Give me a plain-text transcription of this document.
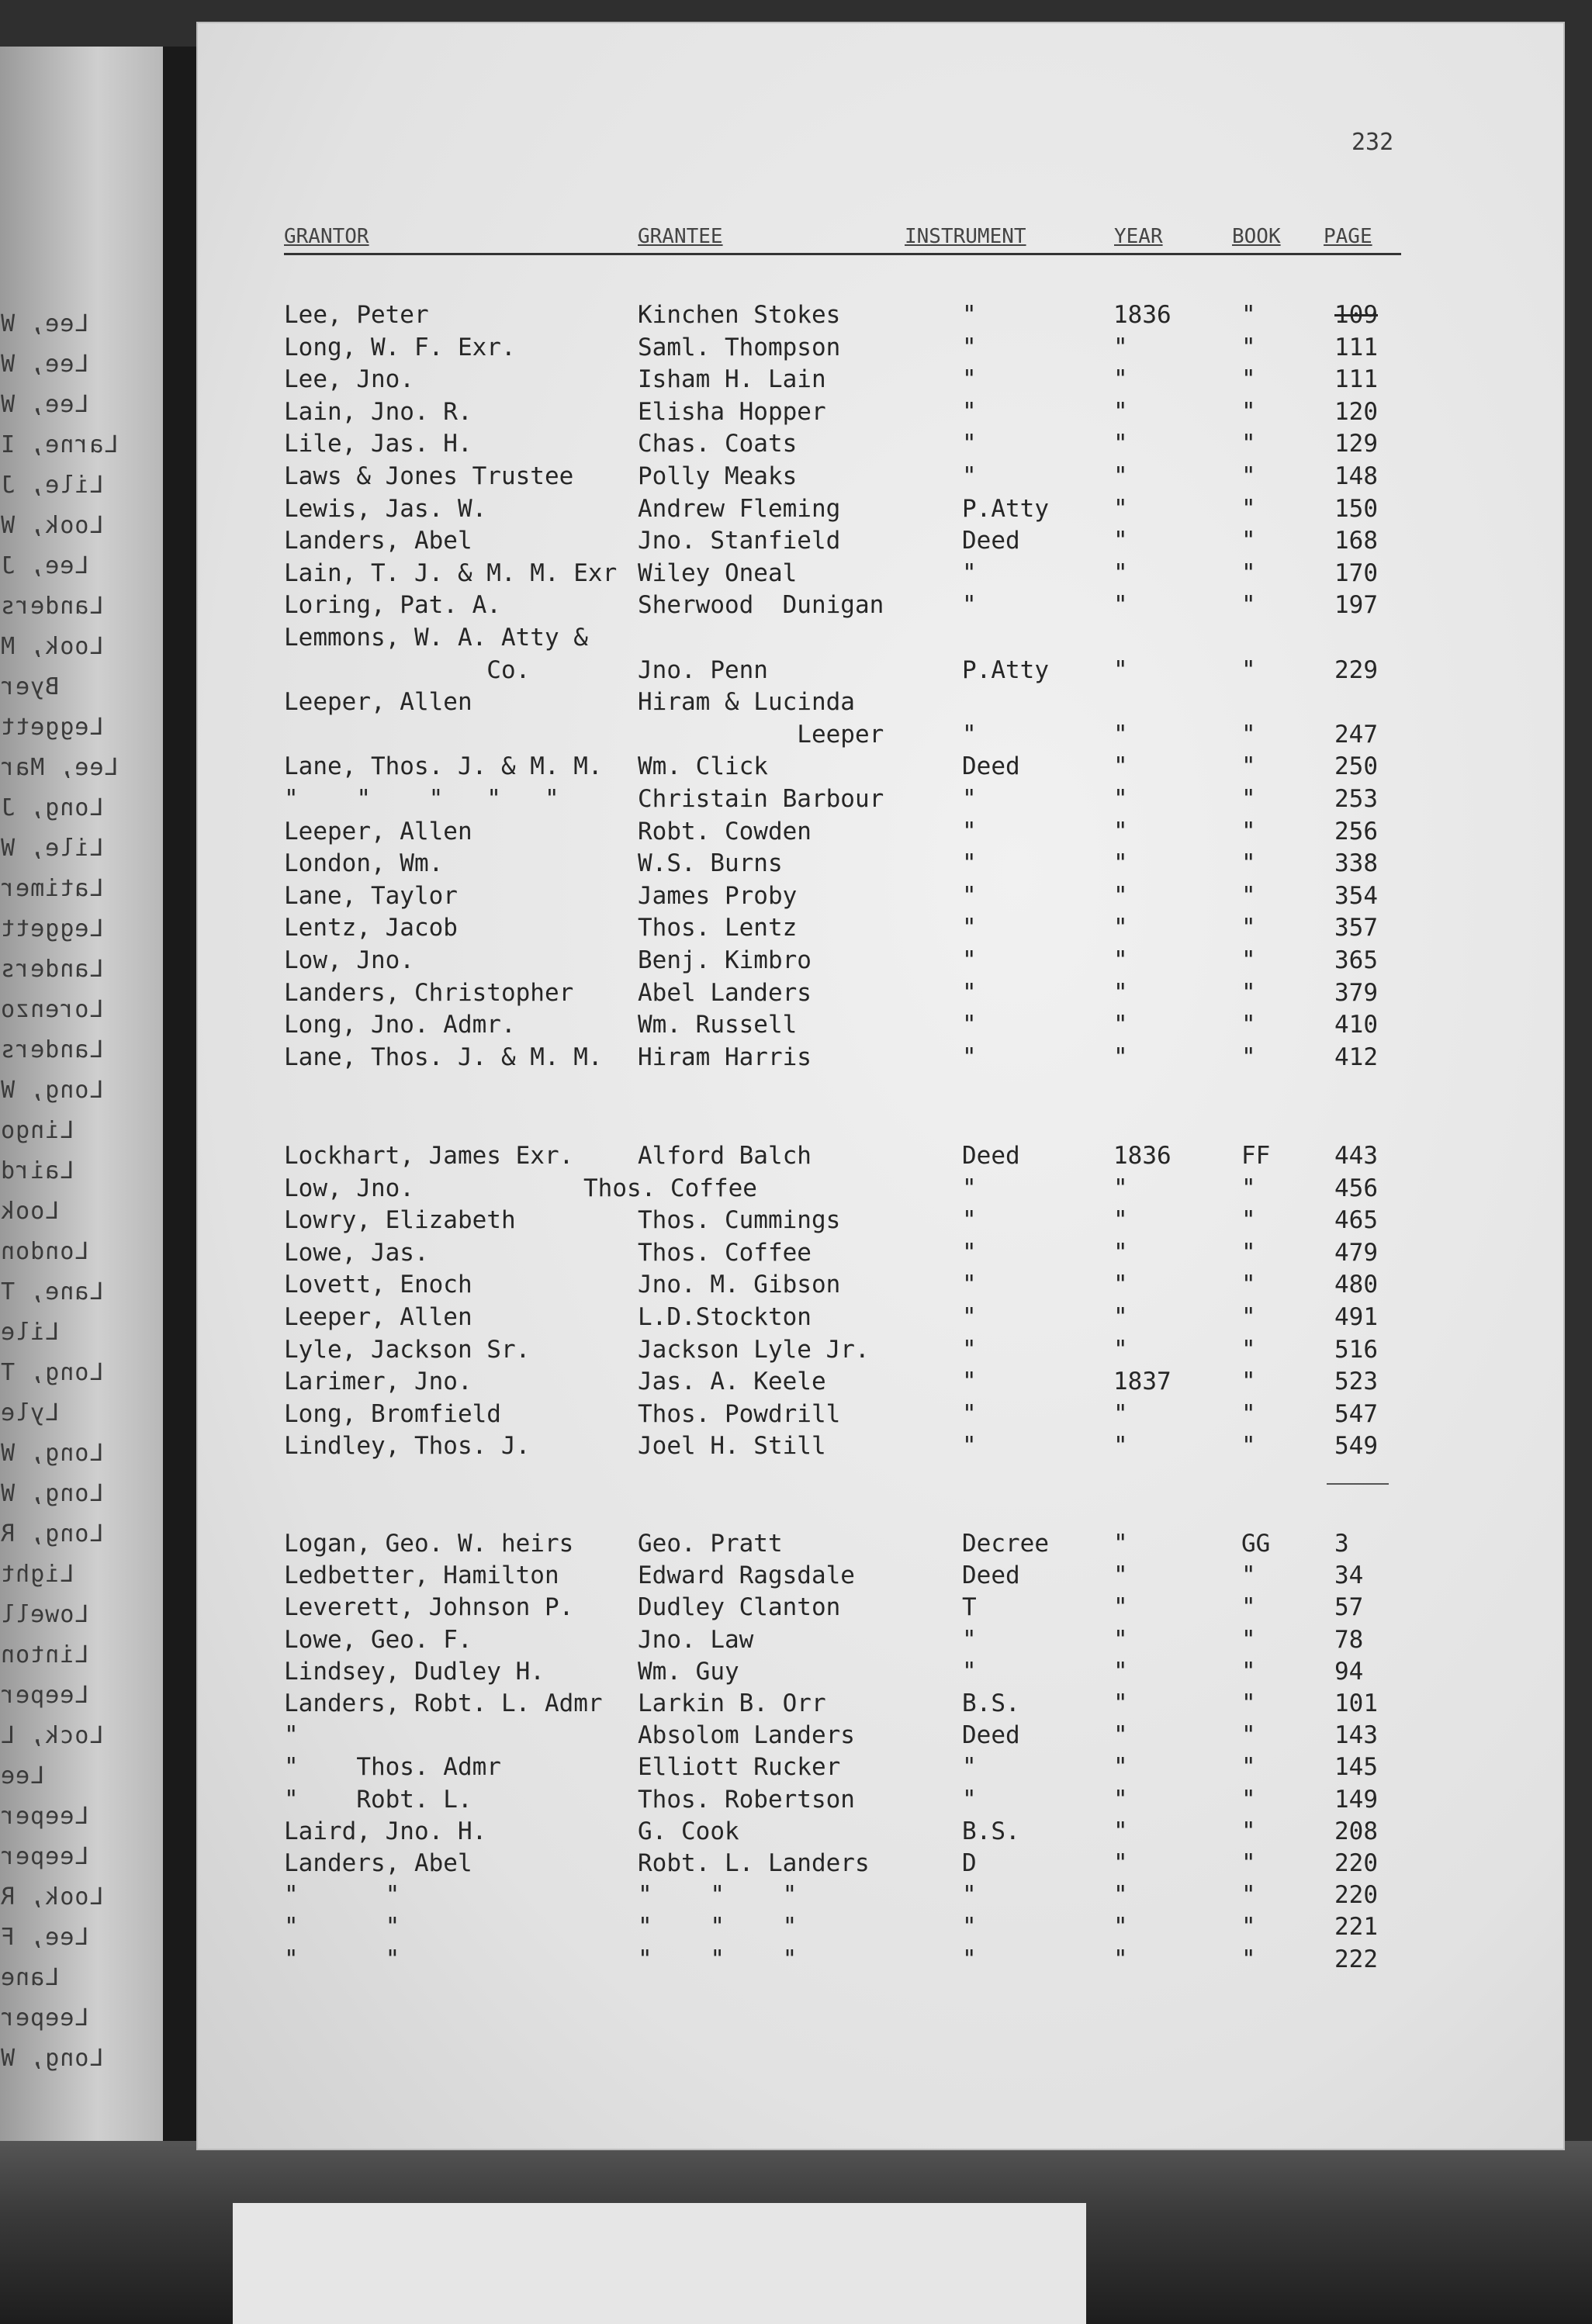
Lee, W
Lee, W
Lee, W
Larne, I
Lile, J
Look, W
Lee, J
Landers
Look, M
Byer
Leggett
Lee, Mar
Long, J
Lile, W
Latimer
Leggett
Landers
Lorenzo
Landers
Long, W
Lingo
Laird
Look
London
Lane, T
Lile
Long, T
Lyle
Long, W
Long, W
Long, R
Light
Lowell
Linton
Leeper
Lock, L
Lee
Leeper
Leeper
Look, R
Lee, F
Lane
Leeper
Long, W
232
GRANTOR	GRANTEE	INSTRUMENT	YEAR	BOOK PAGE
Lee, Peter	Kinchen Stokes	"	1836	"	109
Long, W. F. Exr.	Saml. Thompson	"	"	"	111
Lee, Jno.	Isham H. Lain	"	"	"	111
Lain, Jno. R.	Elisha Hopper	"	"	"	120
Lile, Jas. H.	Chas. Coats	"	"	"	129
Laws & Jones Trustee	Polly Meaks	"	"	"	148
Lewis, Jas. W.	Andrew Fleming	P.Atty	"	"	150
Landers, Abel	Jno. Stanfield	Deed	"	"	168
Lain, T. J. & M. M. Exr Wiley Oneal	"	"	"	170
Loring, Pat. A.	Sherwood  Dunigan	"	"	"	197
Lemmons, W. A. Atty &
Co.	Jno. Penn	P.Atty	"	"	229
Leeper, Allen	Hiram & Lucinda
Leeper	"	"	"	247
Lane, Thos. J. & M. M. Wm. Click	Deed	"	"	250
"    "    "   "   "	Christain Barbour	"	"	"	253
Leeper, Allen	Robt. Cowden	"	"	"	256
London, Wm.	W.S. Burns	"	"	"	338
Lane, Taylor	James Proby	"	"	"	354
Lentz, Jacob	Thos. Lentz	"	"	"	357
Low, Jno.	Benj. Kimbro	"	"	"	365
Landers, Christopher	Abel Landers	"	"	"	379
Long, Jno. Admr.	Wm. Russell	"	"	"	410
Lane, Thos. J. & M. M. Hiram Harris	"	"	"	412
Lockhart, James Exr.	Alford Balch	Deed	1836	FF	443
Low, Jno.	Thos. Coffee	"	"	"	456
Lowry, Elizabeth	Thos. Cummings	"	"	"	465
Lowe, Jas.	Thos. Coffee	"	"	"	479
Lovett, Enoch	Jno. M. Gibson	"	"	"	480
Leeper, Allen	L.D.Stockton	"	"	"	491
Lyle, Jackson Sr.	Jackson Lyle Jr.	"	"	"	516
Larimer, Jno.	Jas. A. Keele	"	1837	"	523
Long, Bromfield	Thos. Powdrill	"	"	"	547
Lindley, Thos. J.	Joel H. Still	"	"	"	549
Logan, Geo. W. heirs	Geo. Pratt	Decree	"	GG	3
Ledbetter, Hamilton	Edward Ragsdale	Deed	"	"	34
Leverett, Johnson P.	Dudley Clanton	T	"	"	57
Lowe, Geo. F.	Jno. Law	"	"	"	78
Lindsey, Dudley H.	Wm. Guy	"	"	"	94
Landers, Robt. L. Admr Larkin B. Orr	B.S.	"	"	101
"	Absolom Landers	Deed	"	"	143
"    Thos. Admr	Elliott Rucker	"	"	"	145
"    Robt. L.	Thos. Robertson	"	"	"	149
Laird, Jno. H.	G. Cook	B.S.	"	"	208
Landers, Abel	Robt. L. Landers	D	"	"	220
"      "	"    "    "	"	"	"	220
"      "	"    "    "	"	"	"	221
"      "	"    "    "	"	"	"	222
